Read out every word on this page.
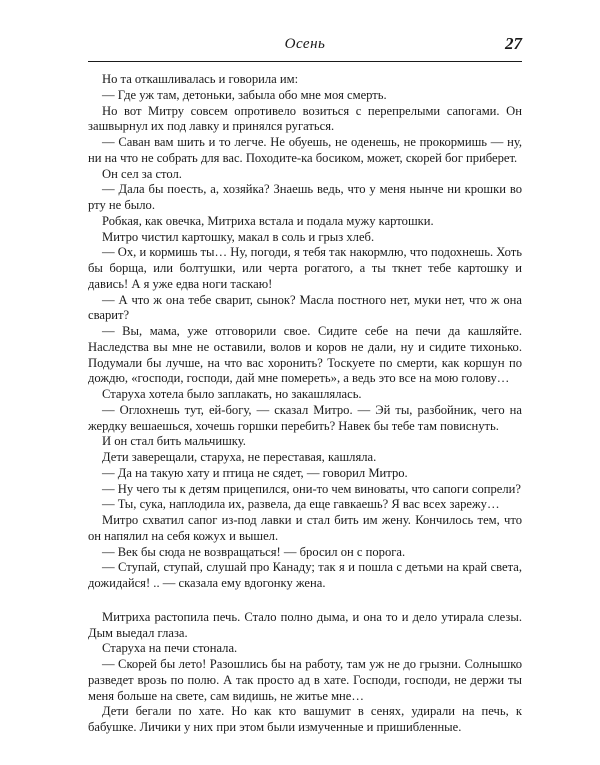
Осень	27

Но та откашливалась и говорила им:

— Где уж там, детоньки, забыла обо мне моя смерть.

Но вот Митру совсем опротивело возиться с перепрелыми сапогами. Он зашвырнул их под лавку и принялся ругаться.

— Саван вам шить и то легче. Не обуешь, не оденешь, не прокормишь — ну, ни на что не собрать для вас. Походите-ка босиком, может, скорей бог приберет.

Он сел за стол.

— Дала бы поесть, а, хозяйка? Знаешь ведь, что у меня нынче ни крошки во рту не было.

Робкая, как овечка, Митриха встала и подала мужу картошки.

Митро чистил картошку, макал в соль и грыз хлеб.

— Ох, и кормишь ты… Ну, погоди, я тебя так накормлю, что подохнешь. Хоть бы борща, или болтушки, или черта рогатого, а ты ткнет тебе картошку и давись! А я уже едва ноги таскаю!

— А что ж она тебе сварит, сынок? Масла постного нет, муки нет, что ж она сварит?

— Вы, мама, уже отговорили свое. Сидите себе на печи да кашляйте. Наследства вы мне не оставили, волов и коров не дали, ну и сидите тихонько. Подумали бы лучше, на что вас хоронить? Тоскуете по смерти, как коршун по дождю, «господи, господи, дай мне помереть», а ведь это все на мою голову…

Старуха хотела было заплакать, но закашлялась.

— Оглохнешь тут, ей-богу, — сказал Митро. — Эй ты, разбойник, чего на жердку вешаешься, хочешь горшки перебить? Навек бы тебе там повиснуть.

И он стал бить мальчишку.

Дети заверещали, старуха, не переставая, кашляла.

— Да на такую хату и птица не сядет, — говорил Митро.

— Ну чего ты к детям прицепился, они-то чем виноваты, что сапоги сопрели?

— Ты, сука, наплодила их, развела, да еще гавкаешь? Я вас всех зарежу…

Митро схватил сапог из-под лавки и стал бить им жену. Кончилось тем, что он напялил на себя кожух и вышел.

— Век бы сюда не возвращаться! — бросил он с порога.

— Ступай, ступай, слушай про Канаду; так я и пошла с детьми на край света, дожидайся! .. — сказала ему вдогонку жена.

Митриха растопила печь. Стало полно дыма, и она то и дело утирала слезы. Дым выедал глаза.

Старуха на печи стонала.

— Скорей бы лето! Разошлись бы на работу, там уж не до грызни. Солнышко разведет врозь по полю. А так просто ад в хате. Господи, господи, не держи ты меня больше на свете, сам видишь, не житье мне…

Дети бегали по хате. Но как кто вашумит в сенях, удирали на печь, к бабушке. Личики у них при этом были измученные и пришибленные.
